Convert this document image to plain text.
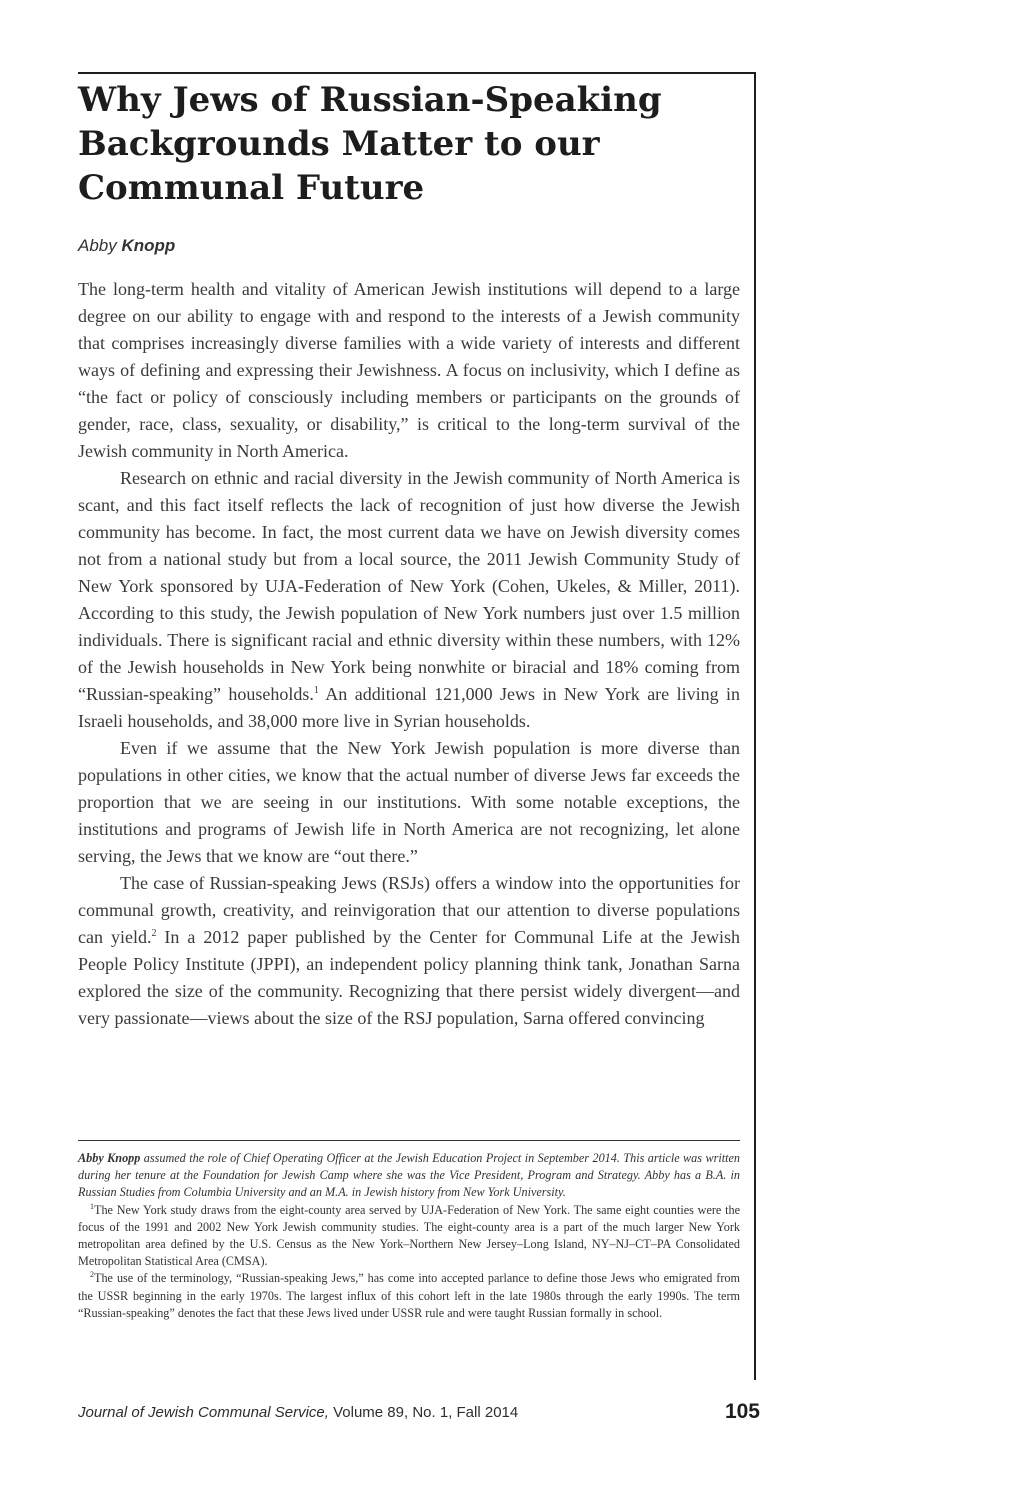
Why Jews of Russian-Speaking
Backgrounds Matter to our
Communal Future
Abby Knopp

The long-term health and vitality of American Jewish institutions will depend to a large degree on our ability to engage with and respond to the interests of a Jewish community that comprises increasingly diverse families with a wide variety of interests and different ways of defining and expressing their Jewishness. A focus on inclusivity, which I define as “the fact or policy of consciously including members or participants on the grounds of gender, race, class, sexuality, or disability,” is critical to the long-term survival of the Jewish community in North America.

Research on ethnic and racial diversity in the Jewish community of North America is scant, and this fact itself reflects the lack of recognition of just how diverse the Jewish community has become. In fact, the most current data we have on Jewish diversity comes not from a national study but from a local source, the 2011 Jewish Community Study of New York sponsored by UJA-Federation of New York (Cohen, Ukeles, & Miller, 2011). According to this study, the Jewish population of New York numbers just over 1.5 million individuals. There is significant racial and ethnic diversity within these numbers, with 12% of the Jewish households in New York being nonwhite or biracial and 18% coming from “Russian-speaking” households.$^1$ An additional 121,000 Jews in New York are living in Israeli households, and 38,000 more live in Syrian households.

Even if we assume that the New York Jewish population is more diverse than populations in other cities, we know that the actual number of diverse Jews far exceeds the proportion that we are seeing in our institutions. With some notable exceptions, the institutions and programs of Jewish life in North America are not recognizing, let alone serving, the Jews that we know are “out there.”

The case of Russian-speaking Jews (RSJs) offers a window into the opportunities for communal growth, creativity, and reinvigoration that our attention to diverse populations can yield.$^2$ In a 2012 paper published by the Center for Communal Life at the Jewish People Policy Institute (JPPI), an independent policy planning think tank, Jonathan Sarna explored the size of the community. Recognizing that there persist widely divergent—and very passionate—views about the size of the RSJ population, Sarna offered convincing

Abby Knopp assumed the role of Chief Operating Officer at the Jewish Education Project in September 2014. This article was written during her tenure at the Foundation for Jewish Camp where she was the Vice President, Program and Strategy. Abby has a B.A. in Russian Studies from Columbia University and an M.A. in Jewish history from New York University.

$^1$The New York study draws from the eight-county area served by UJA-Federation of New York. The same eight counties were the focus of the 1991 and 2002 New York Jewish community studies. The eight-county area is a part of the much larger New York metropolitan area defined by the U.S. Census as the New York–Northern New Jersey–Long Island, NY–NJ–CT–PA Consolidated Metropolitan Statistical Area (CMSA).

$^2$The use of the terminology, “Russian-speaking Jews,” has come into accepted parlance to define those Jews who emigrated from the USSR beginning in the early 1970s. The largest influx of this cohort left in the late 1980s through the early 1990s. The term “Russian-speaking” denotes the fact that these Jews lived under USSR rule and were taught Russian formally in school.

Journal of Jewish Communal Service, Volume 89, No. 1, Fall 2014	105
